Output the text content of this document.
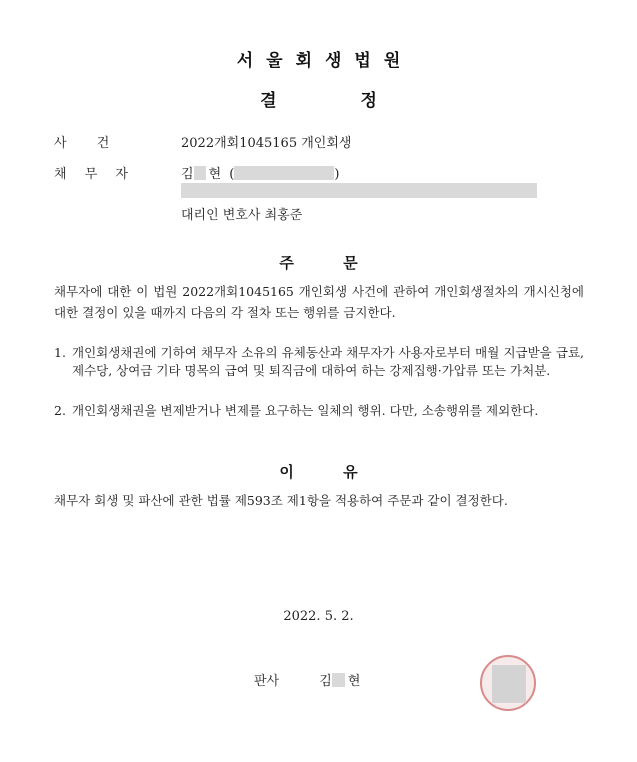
서울회생법원
결 정
사 건	2022개회1045165 개인회생
채 무 자	김 현 (	)
대리인 변호사 최홍준
주 문
채무자에 대한 이 법원 2022개회1045165 개인회생 사건에 관하여 개인회생절차의 개시신청에 대한 결정이 있을 때까지 다음의 각 절차 또는 행위를 금지한다.
1. 개인회생채권에 기하여 채무자 소유의 유체동산과 채무자가 사용자로부터 매월 지급받을 급료, 제수당, 상여금 기타 명목의 급여 및 퇴직금에 대하여 하는 강제집행·가압류 또는 가처분.
2. 개인회생채권을 변제받거나 변제를 요구하는 일체의 행위. 다만, 소송행위를 제외한다.
이 유
채무자 회생 및 파산에 관한 법률 제593조 제1항을 적용하여 주문과 같이 결정한다.
2022. 5. 2.
판사	김 현
